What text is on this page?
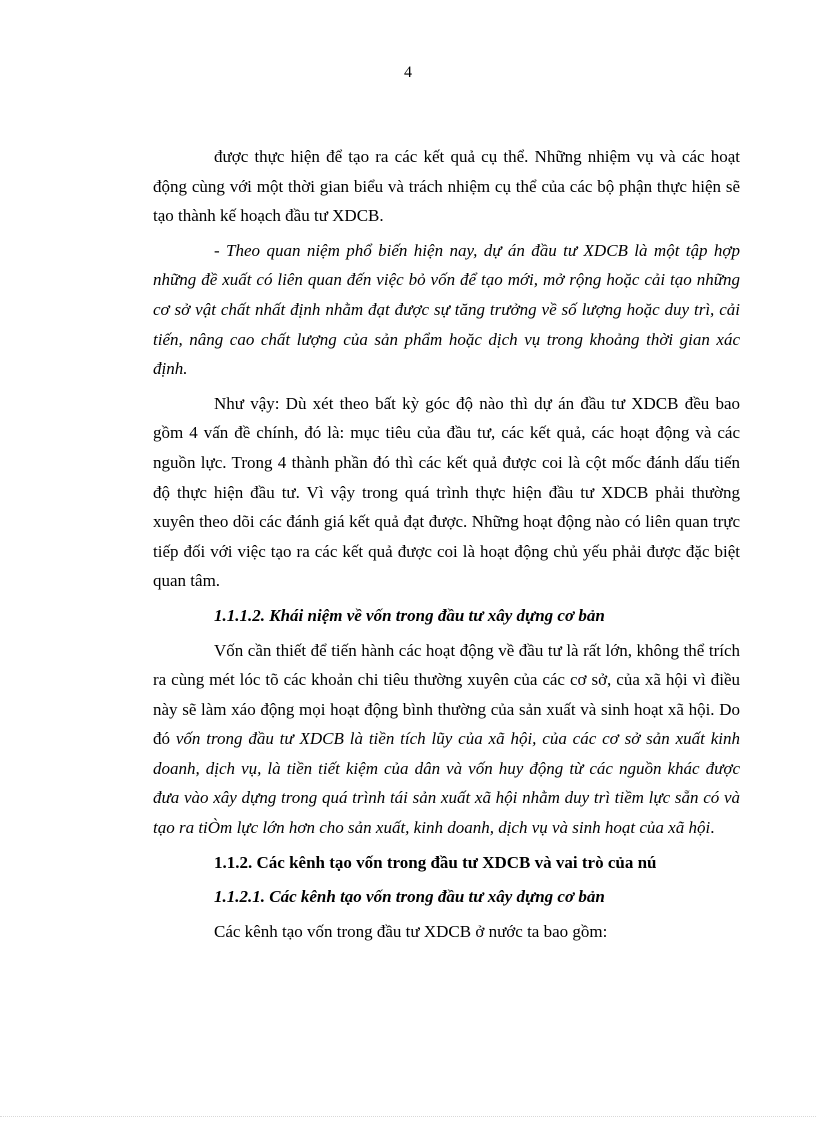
4

được thực hiện để tạo ra các kết quả cụ thể. Những nhiệm vụ và các hoạt động cùng với một thời gian biểu và trách nhiệm cụ thể của các bộ phận thực hiện sẽ tạo thành kế hoạch đầu tư XDCB.

- Theo quan niệm phổ biến hiện nay, dự án đầu tư XDCB là một tập hợp những đề xuất có liên quan đến việc bỏ vốn để tạo mới, mở rộng hoặc cải tạo những cơ sở vật chất nhất định nhằm đạt được sự tăng trưởng về số lượng hoặc duy trì, cải tiến, nâng cao chất lượng của sản phẩm hoặc dịch vụ trong khoảng thời gian xác định.

Như vậy: Dù xét theo bất kỳ góc độ nào thì dự án đầu tư XDCB đều bao gồm 4 vấn đề chính, đó là: mục tiêu của đầu tư, các kết quả, các hoạt động và các nguồn lực. Trong 4 thành phần đó thì các kết quả được coi là cột mốc đánh dấu tiến độ thực hiện đầu tư. Vì vậy trong quá trình thực hiện đầu tư XDCB phải thường xuyên theo dõi các đánh giá kết quả đạt được. Những hoạt động nào có liên quan trực tiếp đối với việc tạo ra các kết quả được coi là hoạt động chủ yếu phải được đặc biệt quan tâm.

1.1.1.2. Khái niệm về vốn trong đầu tư xây dựng cơ bản

Vốn cần thiết để tiến hành các hoạt động về đầu tư là rất lớn, không thể trích ra cùng mét lóc tõ các khoản chi tiêu thường xuyên của các cơ sở, của xã hội vì điều này sẽ làm xáo động mọi hoạt động bình thường của sản xuất và sinh hoạt xã hội. Do đó vốn trong đầu tư XDCB là tiền tích lũy của xã hội, của các cơ sở sản xuất kinh doanh, dịch vụ, là tiền tiết kiệm của dân và vốn huy động từ các nguồn khác được đưa vào xây dựng trong quá trình tái sản xuất xã hội nhằm duy trì tiềm lực sẵn có và tạo ra tiÒm lực lớn hơn cho sản xuất, kinh doanh, dịch vụ và sinh hoạt của xã hội.

1.1.2. Các kênh tạo vốn trong đầu tư XDCB và vai trò của nú

1.1.2.1. Các kênh tạo vốn trong đầu tư xây dựng cơ bản

Các kênh tạo vốn trong đầu tư XDCB ở nước ta bao gồm:
